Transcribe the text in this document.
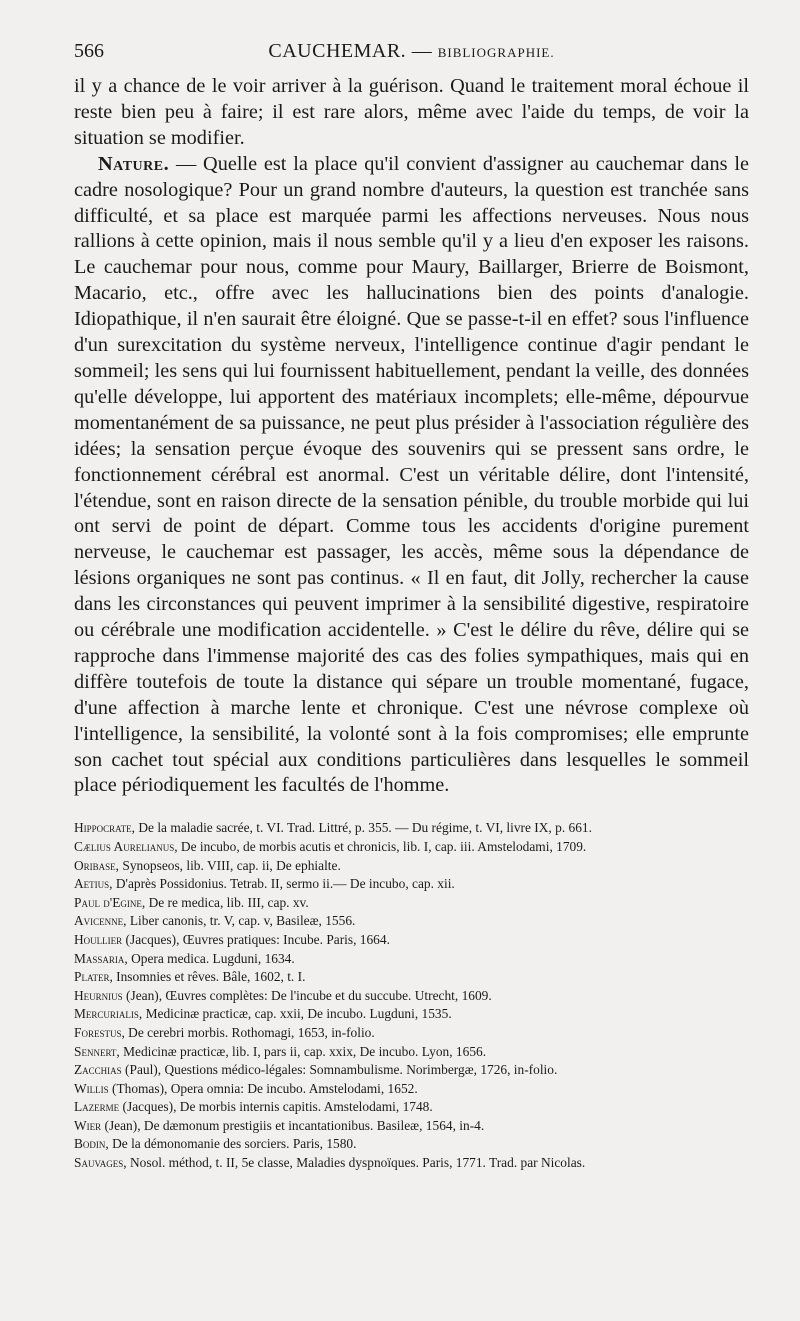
566	CAUCHEMAR. — BIBLIOGRAPHIE.

il y a chance de le voir arriver à la guérison. Quand le traitement moral échoue il reste bien peu à faire; il est rare alors, même avec l'aide du temps, de voir la situation se modifier.

Nature. — Quelle est la place qu'il convient d'assigner au cauchemar dans le cadre nosologique? Pour un grand nombre d'auteurs, la question est tranchée sans difficulté, et sa place est marquée parmi les affections nerveuses. Nous nous rallions à cette opinion, mais il nous semble qu'il y a lieu d'en exposer les raisons. Le cauchemar pour nous, comme pour Maury, Baillarger, Brierre de Boismont, Macario, etc., offre avec les hallucinations bien des points d'analogie. Idiopathique, il n'en saurait être éloigné. Que se passe-t-il en effet? sous l'influence d'un surexcitation du système nerveux, l'intelligence continue d'agir pendant le sommeil; les sens qui lui fournissent habituellement, pendant la veille, des données qu'elle développe, lui apportent des matériaux incomplets; elle-même, dépourvue momentanément de sa puissance, ne peut plus présider à l'association régulière des idées; la sensation perçue évoque des souvenirs qui se pressent sans ordre, le fonctionnement cérébral est anormal. C'est un véritable délire, dont l'intensité, l'étendue, sont en raison directe de la sensation pénible, du trouble morbide qui lui ont servi de point de départ. Comme tous les accidents d'origine purement nerveuse, le cauchemar est passager, les accès, même sous la dépendance de lésions organiques ne sont pas continus. « Il en faut, dit Jolly, rechercher la cause dans les circonstances qui peuvent imprimer à la sensibilité digestive, respiratoire ou cérébrale une modification accidentelle. » C'est le délire du rêve, délire qui se rapproche dans l'immense majorité des cas des folies sympathiques, mais qui en diffère toutefois de toute la distance qui sépare un trouble momentané, fugace, d'une affection à marche lente et chronique. C'est une névrose complexe où l'intelligence, la sensibilité, la volonté sont à la fois compromises; elle emprunte son cachet tout spécial aux conditions particulières dans lesquelles le sommeil place périodiquement les facultés de l'homme.

Hippocrate, De la maladie sacrée, t. VI. Trad. Littré, p. 355. — Du régime, t. VI, livre IX, p. 661.

Cælius Aurelianus, De incubo, de morbis acutis et chronicis, lib. I, cap. iii. Amstelodami, 1709.

Oribase, Synopseos, lib. VIII, cap. ii, De ephialte.

Aetius, D'après Possidonius. Tetrab. II, sermo ii.— De incubo, cap. xii.

Paul d'Egine, De re medica, lib. III, cap. xv.

Avicenne, Liber canonis, tr. V, cap. v, Basileæ, 1556.

Houllier (Jacques), Œuvres pratiques: Incube. Paris, 1664.

Massaria, Opera medica. Lugduni, 1634.

Plater, Insomnies et rêves. Bâle, 1602, t. I.

Heurnius (Jean), Œuvres complètes: De l'incube et du succube. Utrecht, 1609.

Mercurialis, Medicinæ practicæ, cap. xxii, De incubo. Lugduni, 1535.

Forestus, De cerebri morbis. Rothomagi, 1653, in-folio.

Sennert, Medicinæ practicæ, lib. I, pars ii, cap. xxix, De incubo. Lyon, 1656.

Zacchias (Paul), Questions médico-légales: Somnambulisme. Norimbergæ, 1726, in-folio.

Willis (Thomas), Opera omnia: De incubo. Amstelodami, 1652.

Lazerme (Jacques), De morbis internis capitis. Amstelodami, 1748.

Wier (Jean), De dæmonum prestigiis et incantationibus. Basileæ, 1564, in-4.

Bodin, De la démonomanie des sorciers. Paris, 1580.

Sauvages, Nosol. méthod, t. II, 5e classe, Maladies dyspnoïques. Paris, 1771. Trad. par Nicolas.
